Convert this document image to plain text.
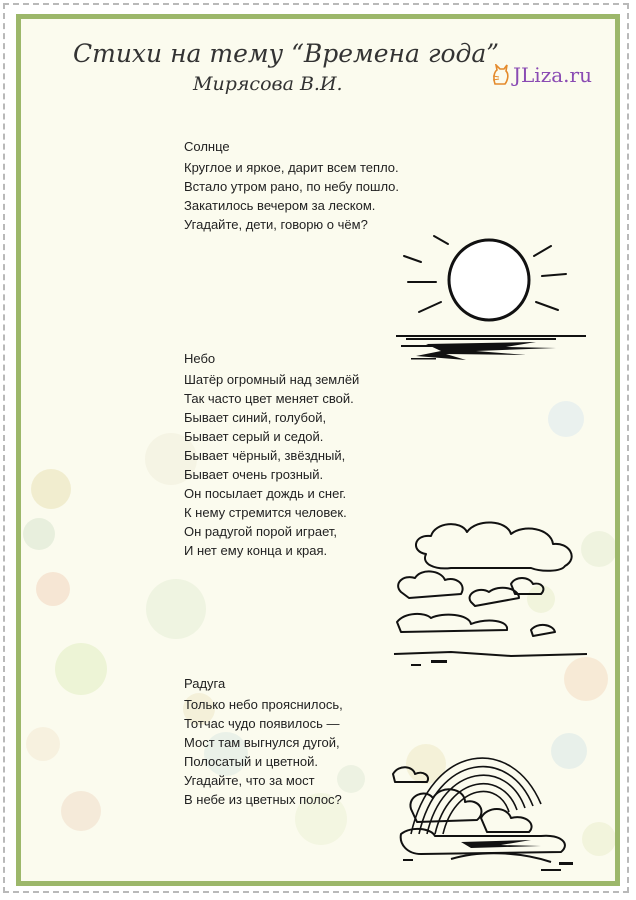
Стихи на тему “Времена года”
Мирясова В.И.	JLiza.ru
Солнце
Круглое и яркое, дарит всем тепло.
Встало утром рано, по небу пошло.
Закатилось вечером за леском.
Угадайте, дети, говорю о чём?
Небо
Шатёр огромный над землёй
Так часто цвет меняет свой.
Бывает синий, голубой,
Бывает серый и седой.
Бывает чёрный, звёздный,
Бывает очень грозный.
Он посылает дождь и снег.
К нему стремится человек.
Он радугой порой играет,
И нет ему конца и края.
Радуга
Только небо прояснилось,
Тотчас чудо появилось —
Мост там выгнулся дугой,
Полосатый и цветной.
Угадайте, что за мост
В небе из цветных полос?
